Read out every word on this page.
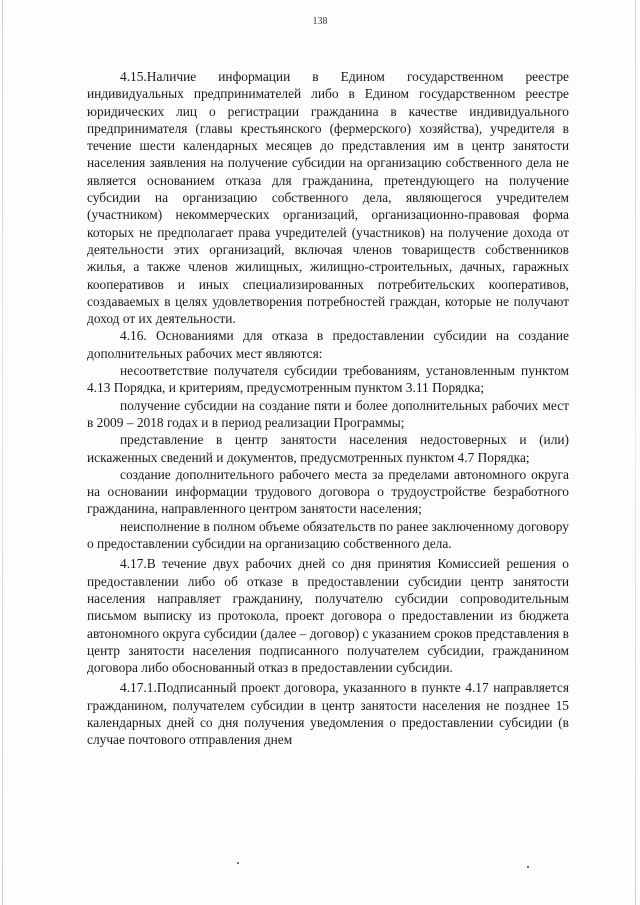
138

4.15.Наличие информации в Едином государственном реестре индивидуальных предпринимателей либо в Едином государственном реестре юридических лиц о регистрации гражданина в качестве индивидуального предпринимателя (главы крестьянского (фермерского) хозяйства), учредителя в течение шести календарных месяцев до представления им в центр занятости населения заявления на получение субсидии на организацию собственного дела не является основанием отказа для гражданина, претендующего на получение субсидии на организацию собственного дела, являющегося учредителем (участником) некоммерческих организаций, организационно-правовая форма которых не предполагает права учредителей (участников) на получение дохода от деятельности этих организаций, включая членов товариществ собственников жилья, а также членов жилищных, жилищно-строительных, дачных, гаражных кооперативов и иных специализированных потребительских кооперативов, создаваемых в целях удовлетворения потребностей граждан, которые не получают доход от их деятельности.

4.16. Основаниями для отказа в предоставлении субсидии на создание дополнительных рабочих мест являются:

несоответствие получателя субсидии требованиям, установленным пунктом 4.13 Порядка, и критериям, предусмотренным пунктом 3.11 Порядка;

получение субсидии на создание пяти и более дополнительных рабочих мест в 2009 – 2018 годах и в период реализации Программы;

представление в центр занятости населения недостоверных и (или) искаженных сведений и документов, предусмотренных пунктом 4.7 Порядка;

создание дополнительного рабочего места за пределами автономного округа на основании информации трудового договора о трудоустройстве безработного гражданина, направленного центром занятости населения;

неисполнение в полном объеме обязательств по ранее заключенному договору о предоставлении субсидии на организацию собственного дела.

4.17.В течение двух рабочих дней со дня принятия Комиссией решения о предоставлении либо об отказе в предоставлении субсидии центр занятости населения направляет гражданину, получателю субсидии сопроводительным письмом выписку из протокола, проект договора о предоставлении из бюджета автономного округа субсидии (далее – договор) с указанием сроков представления в центр занятости населения подписанного получателем субсидии, гражданином договора либо обоснованный отказ в предоставлении субсидии.

4.17.1.Подписанный проект договора, указанного в пункте 4.17 направляется гражданином, получателем субсидии в центр занятости населения не позднее 15 календарных дней со дня получения уведомления о предоставлении субсидии (в случае почтового отправления днем
